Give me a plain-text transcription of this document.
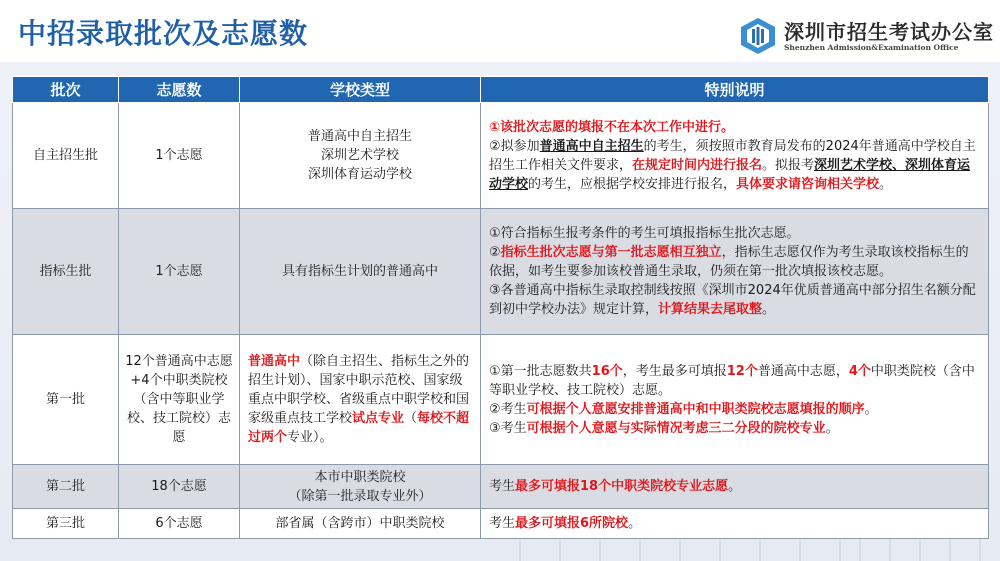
中招录取批次及志愿数	深圳市招生考试办公室
Shenzhen Admission&Examination Office
批次	志愿数	学校类型	特别说明
自主招生批	1个志愿	普通高中自主招生
深圳艺术学校
深圳体育运动学校	①该批次志愿的填报不在本次工作中进行。
②拟参加普通高中自主招生的考生，须按照市教育局发布的2024年普通高中学校自主招生工作相关文件要求，在规定时间内进行报名。拟报考深圳艺术学校、深圳体育运动学校的考生，应根据学校安排进行报名，具体要求请咨询相关学校。

指标生批	1个志愿	具有指标生计划的普通高中	①符合指标生报考条件的考生可填报指标生批次志愿。
②指标生批次志愿与第一批志愿相互独立，指标生志愿仅作为考生录取该校指标生的依据，如考生要参加该校普通生录取，仍须在第一批次填报该校志愿。
③各普通高中指标生录取控制线按照《深圳市2024年优质普通高中部分招生名额分配到初中学校办法》规定计算，计算结果去尾取整。

第一批	12个普通高中志愿+4个中职类院校（含中等职业学校、技工院校）志愿	普通高中（除自主招生、指标生之外的招生计划）、国家中职示范校、国家级重点中职学校、省级重点中职学校和国家级重点技工学校试点专业（每校不超过两个专业）。	①第一批志愿数共16个，考生最多可填报12个普通高中志愿，4个中职类院校（含中等职业学校、技工院校）志愿。
②考生可根据个人意愿安排普通高中和中职类院校志愿填报的顺序。
③考生可根据个人意愿与实际情况考虑三二分段的院校专业。

第二批	18个志愿	本市中职类院校
（除第一批录取专业外）	考生最多可填报18个中职类院校专业志愿。
第三批	6个志愿	部省属（含跨市）中职类院校	考生最多可填报6所院校。
